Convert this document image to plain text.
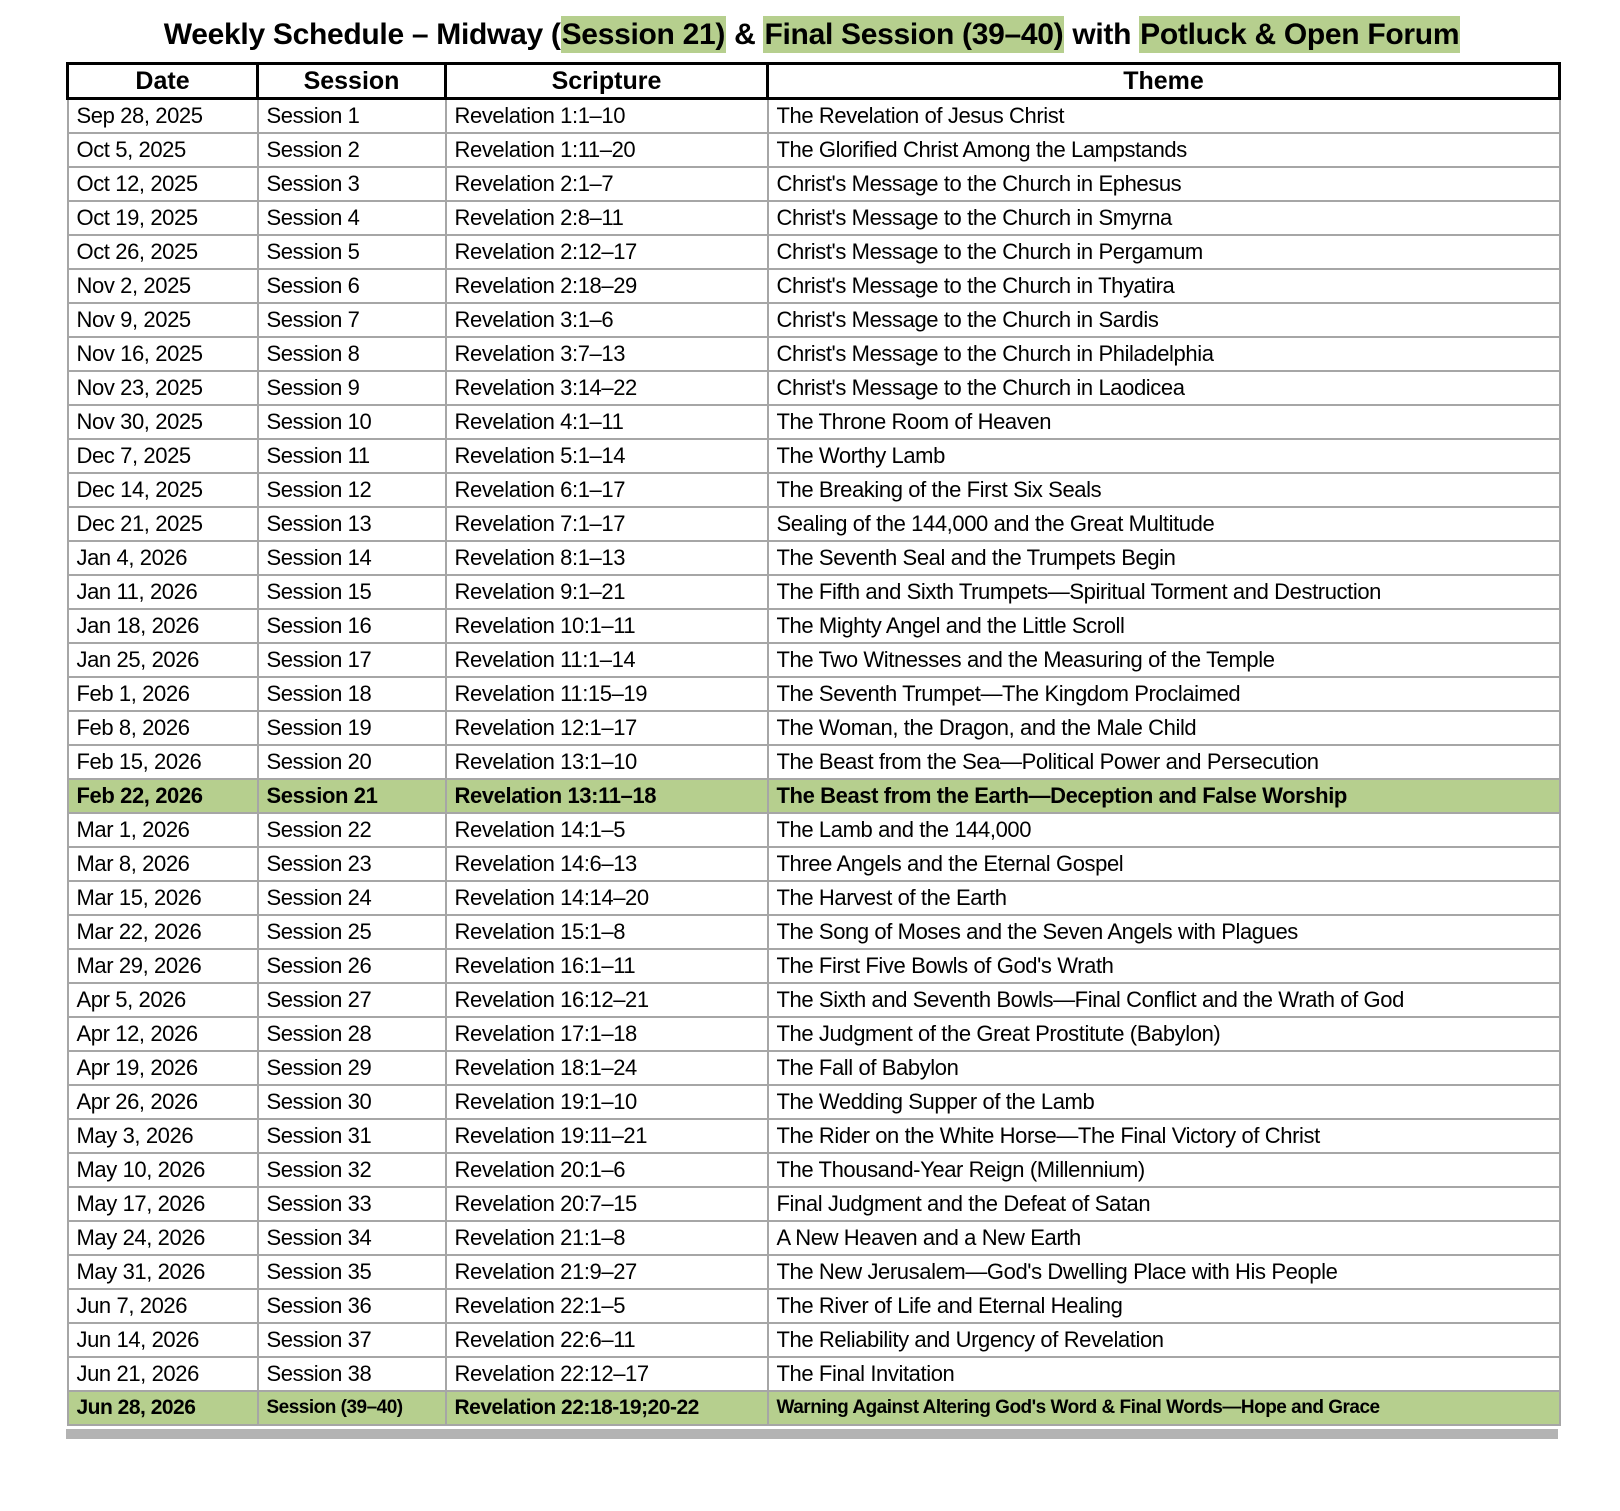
Weekly Schedule – Midway (Session 21) & Final Session (39–40) with Potluck & Open Forum
Date	Session	Scripture	Theme
Sep 28, 2025	Session 1	Revelation 1:1–10	The Revelation of Jesus Christ
Oct 5, 2025	Session 2	Revelation 1:11–20	The Glorified Christ Among the Lampstands
Oct 12, 2025	Session 3	Revelation 2:1–7	Christ's Message to the Church in Ephesus
Oct 19, 2025	Session 4	Revelation 2:8–11	Christ's Message to the Church in Smyrna
Oct 26, 2025	Session 5	Revelation 2:12–17	Christ's Message to the Church in Pergamum
Nov 2, 2025	Session 6	Revelation 2:18–29	Christ's Message to the Church in Thyatira
Nov 9, 2025	Session 7	Revelation 3:1–6	Christ's Message to the Church in Sardis
Nov 16, 2025	Session 8	Revelation 3:7–13	Christ's Message to the Church in Philadelphia
Nov 23, 2025	Session 9	Revelation 3:14–22	Christ's Message to the Church in Laodicea
Nov 30, 2025	Session 10	Revelation 4:1–11	The Throne Room of Heaven
Dec 7, 2025	Session 11	Revelation 5:1–14	The Worthy Lamb
Dec 14, 2025	Session 12	Revelation 6:1–17	The Breaking of the First Six Seals
Dec 21, 2025	Session 13	Revelation 7:1–17	Sealing of the 144,000 and the Great Multitude
Jan 4, 2026	Session 14	Revelation 8:1–13	The Seventh Seal and the Trumpets Begin
Jan 11, 2026	Session 15	Revelation 9:1–21	The Fifth and Sixth Trumpets—Spiritual Torment and Destruction
Jan 18, 2026	Session 16	Revelation 10:1–11	The Mighty Angel and the Little Scroll
Jan 25, 2026	Session 17	Revelation 11:1–14	The Two Witnesses and the Measuring of the Temple
Feb 1, 2026	Session 18	Revelation 11:15–19	The Seventh Trumpet—The Kingdom Proclaimed
Feb 8, 2026	Session 19	Revelation 12:1–17	The Woman, the Dragon, and the Male Child
Feb 15, 2026	Session 20	Revelation 13:1–10	The Beast from the Sea—Political Power and Persecution
Feb 22, 2026	Session 21	Revelation 13:11–18	The Beast from the Earth—Deception and False Worship
Mar 1, 2026	Session 22	Revelation 14:1–5	The Lamb and the 144,000
Mar 8, 2026	Session 23	Revelation 14:6–13	Three Angels and the Eternal Gospel
Mar 15, 2026	Session 24	Revelation 14:14–20	The Harvest of the Earth
Mar 22, 2026	Session 25	Revelation 15:1–8	The Song of Moses and the Seven Angels with Plagues
Mar 29, 2026	Session 26	Revelation 16:1–11	The First Five Bowls of God's Wrath
Apr 5, 2026	Session 27	Revelation 16:12–21	The Sixth and Seventh Bowls—Final Conflict and the Wrath of God
Apr 12, 2026	Session 28	Revelation 17:1–18	The Judgment of the Great Prostitute (Babylon)
Apr 19, 2026	Session 29	Revelation 18:1–24	The Fall of Babylon
Apr 26, 2026	Session 30	Revelation 19:1–10	The Wedding Supper of the Lamb
May 3, 2026	Session 31	Revelation 19:11–21	The Rider on the White Horse—The Final Victory of Christ
May 10, 2026	Session 32	Revelation 20:1–6	The Thousand-Year Reign (Millennium)
May 17, 2026	Session 33	Revelation 20:7–15	Final Judgment and the Defeat of Satan
May 24, 2026	Session 34	Revelation 21:1–8	A New Heaven and a New Earth
May 31, 2026	Session 35	Revelation 21:9–27	The New Jerusalem—God's Dwelling Place with His People
Jun 7, 2026	Session 36	Revelation 22:1–5	The River of Life and Eternal Healing
Jun 14, 2026	Session 37	Revelation 22:6–11	The Reliability and Urgency of Revelation
Jun 21, 2026	Session 38	Revelation 22:12–17	The Final Invitation
Jun 28, 2026	Session (39–40)	Revelation 22:18-19;20-22	Warning Against Altering God's Word & Final Words—Hope and Grace
